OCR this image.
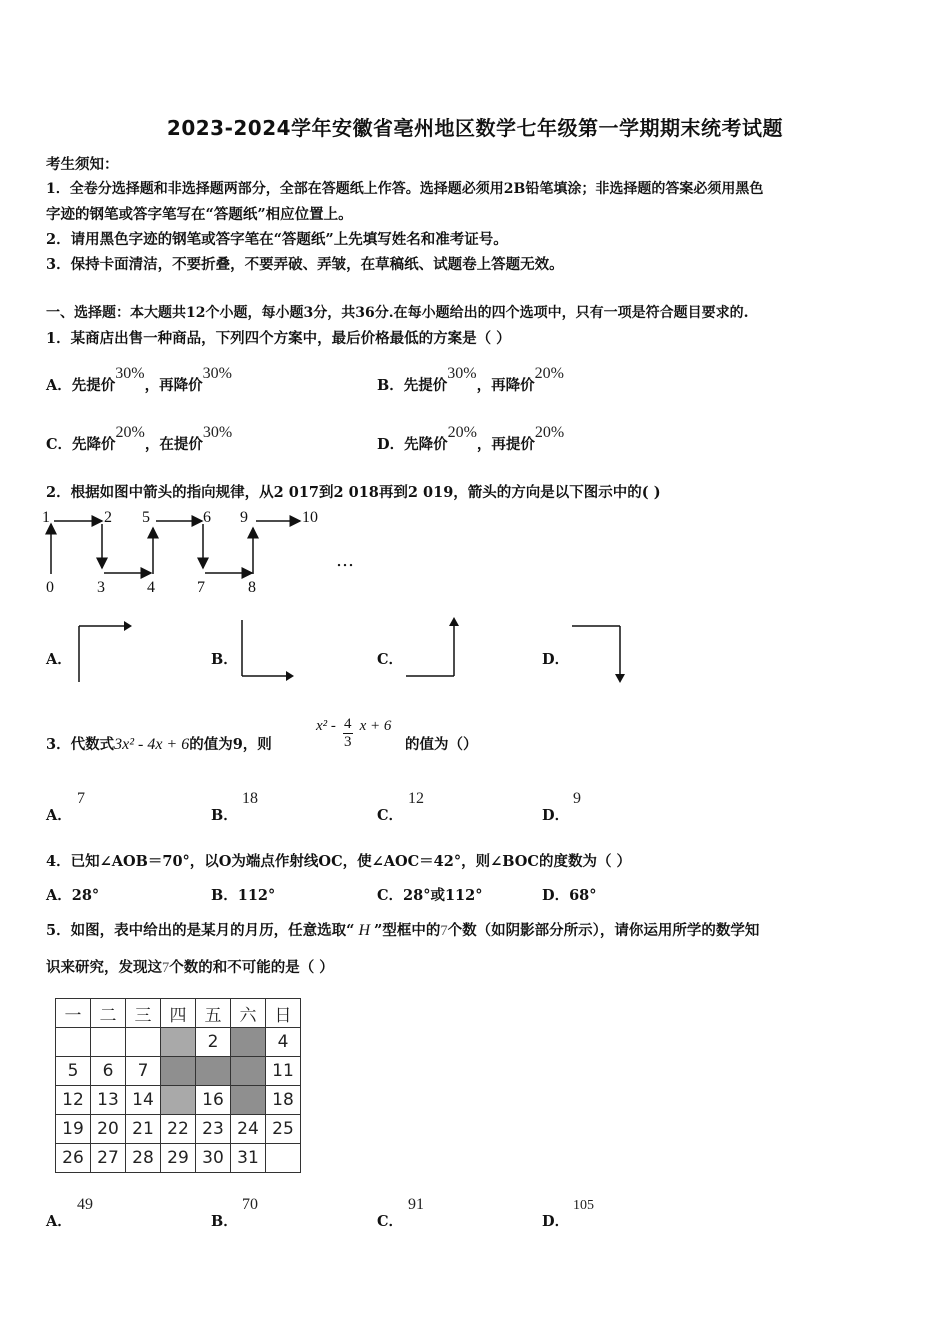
2023-2024学年安徽省亳州地区数学七年级第一学期期末统考试题
考生须知：
1．全卷分选择题和非选择题两部分，全部在答题纸上作答。选择题必须用2B铅笔填涂；非选择题的答案必须用黑色
字迹的钢笔或答字笔写在“答题纸”相应位置上。
2．请用黑色字迹的钢笔或答字笔在“答题纸”上先填写姓名和准考证号。
3．保持卡面清洁，不要折叠，不要弄破、弄皱，在草稿纸、试题卷上答题无效。
一、选择题：本大题共12个小题，每小题3分，共36分.在每小题给出的四个选项中，只有一项是符合题目要求的.
1．某商店出售一种商品，下列四个方案中，最后价格最低的方案是（ ）
A．先提价30%，再降价30%
B．先提价30%，再降价20%
C．先降价20%，在提价30%
D．先降价20%，再提价20%
2．根据如图中箭头的指向规律，从2 017到2 018再到2 019，箭头的方向是以下图示中的( )
1	2 5	6 9	10
0	3	4	7	8
…
A．	B．	C．	D．
3．代数式3x² - 4x + 6的值为9，则
$x^2 - \frac{4}{3}$ x + 6
的值为（）
A．
7
B．
18
C．
12
D．
9
4．已知∠AOB＝70°，以O为端点作射线OC，使∠AOC＝42°，则∠BOC的度数为（ ）
A．28°	B．112°	C．28°或112°	D．68°
5．如图，表中给出的是某月的月历，任意选取“ H ”型框中的7个数（如阴影部分所示），请你运用所学的数学知
识来研究，发现这7个数的和不可能的是（ ）
一	二	三	四	五	六	日
				2		4
5	6	7				11
12	13	14		16		18
19	20	21	22	23	24	25
26	27	28	29	30	31	
A．
49
B．
70
C．
91
D．
105
